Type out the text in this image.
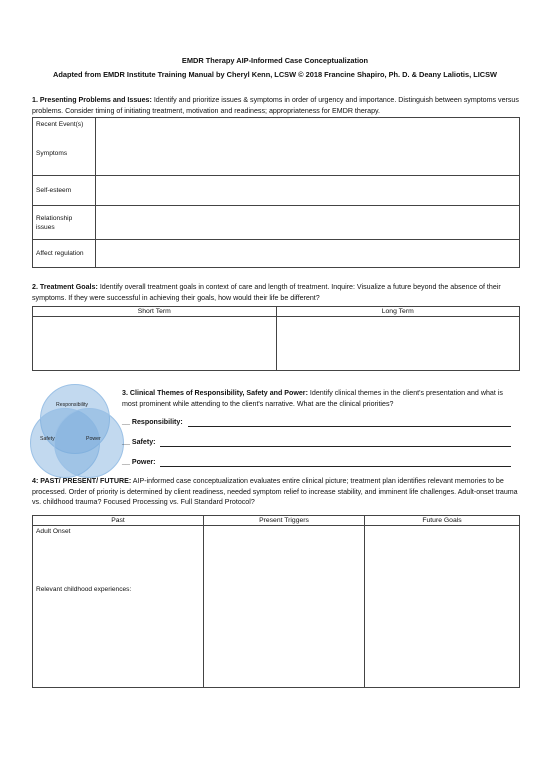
EMDR Therapy AIP-Informed Case Conceptualization
Adapted from EMDR Institute Training Manual by Cheryl Kenn, LCSW © 2018 Francine Shapiro, Ph. D. & Deany Laliotis, LICSW
1. Presenting Problems and Issues: Identify and prioritize issues & symptoms in order of urgency and importance. Distinguish between symptoms versus problems. Consider timing of initiating treatment, motivation and readiness; appropriateness for EMDR therapy.
Recent Event(s)
Symptoms	

Self-esteem	
Relationship issues	
Affect regulation	
2. Treatment Goals: Identify overall treatment goals in context of care and length of treatment. Inquire: Visualize a future beyond the absence of their symptoms. If they were successful in achieving their goals, how would their life be different?
Short Term	Long Term

Responsibility
Safety	Power
3. Clinical Themes of Responsibility, Safety and Power: Identify clinical themes in the client's presentation and what is most prominent while attending to the client's narrative. What are the clinical priorities?
__ Responsibility:
__ Safety:
__ Power:
4: PAST/ PRESENT/ FUTURE: AIP-informed case conceptualization evaluates entire clinical picture; treatment plan identifies relevant memories to be processed. Order of priority is determined by client readiness, needed symptom relief to increase stability, and imminent life challenges. Adult-onset trauma vs. childhood trauma? Focused Processing vs. Full Standard Protocol?
Past	Present Triggers	Future Goals

Adult Onset
Relevant childhood experiences:		
